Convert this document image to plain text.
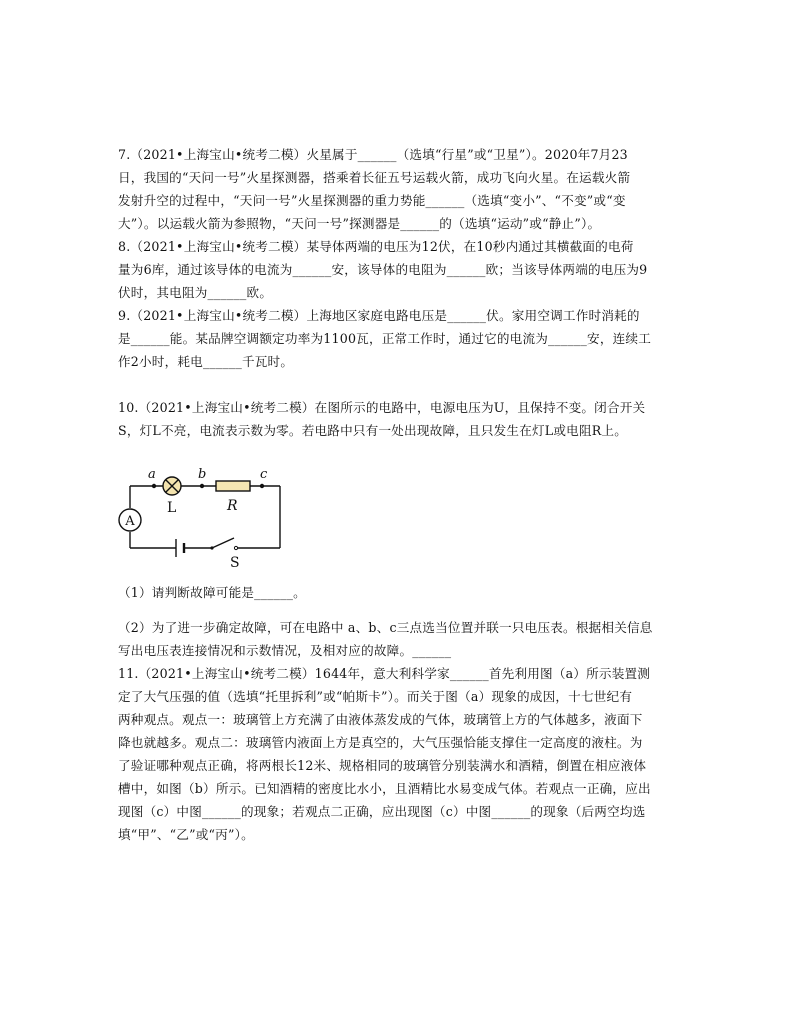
7.（2021•上海宝山•统考二模）火星属于______（选填“行星”或“卫星”）。2020年7月23
日，我国的“天问一号”火星探测器，搭乘着长征五号运载火箭，成功飞向火星。在运载火箭
发射升空的过程中，“天问一号”火星探测器的重力势能______（选填“变小”、“不变”或“变
大”）。以运载火箭为参照物，“天问一号”探测器是______的（选填“运动”或“静止”）。
8.（2021•上海宝山•统考二模）某导体两端的电压为12伏，在10秒内通过其横截面的电荷
量为6库，通过该导体的电流为______安，该导体的电阻为______欧；当该导体两端的电压为9
伏时，其电阻为______欧。
9.（2021•上海宝山•统考二模）上海地区家庭电路电压是______伏。家用空调工作时消耗的
是______能。某品牌空调额定功率为1100瓦，正常工作时，通过它的电流为______安，连续工
作2小时，耗电______千瓦时。
10.（2021•上海宝山•统考二模）在图所示的电路中，电源电压为U，且保持不变。闭合开关
S，灯L不亮，电流表示数为零。若电路中只有一处出现故障，且只发生在灯L或电阻R上。
A
a	b	c
L	R
S
（1）请判断故障可能是______。
（2）为了进一步确定故障，可在电路中 a、b、c三点选当位置并联一只电压表。根据相关信息
写出电压表连接情况和示数情况，及相对应的故障。______
11.（2021•上海宝山•统考二模）1644年，意大利科学家______首先利用图（a）所示装置测
定了大气压强的值（选填“托里拆利”或“帕斯卡”）。而关于图（a）现象的成因，十七世纪有
两种观点。观点一：玻璃管上方充满了由液体蒸发成的气体，玻璃管上方的气体越多，液面下
降也就越多。观点二：玻璃管内液面上方是真空的，大气压强恰能支撑住一定高度的液柱。为
了验证哪种观点正确，将两根长12米、规格相同的玻璃管分别装满水和酒精，倒置在相应液体
槽中，如图（b）所示。已知酒精的密度比水小，且酒精比水易变成气体。若观点一正确，应出
现图（c）中图______的现象；若观点二正确，应出现图（c）中图______的现象（后两空均选
填“甲”、“乙”或“丙”）。
